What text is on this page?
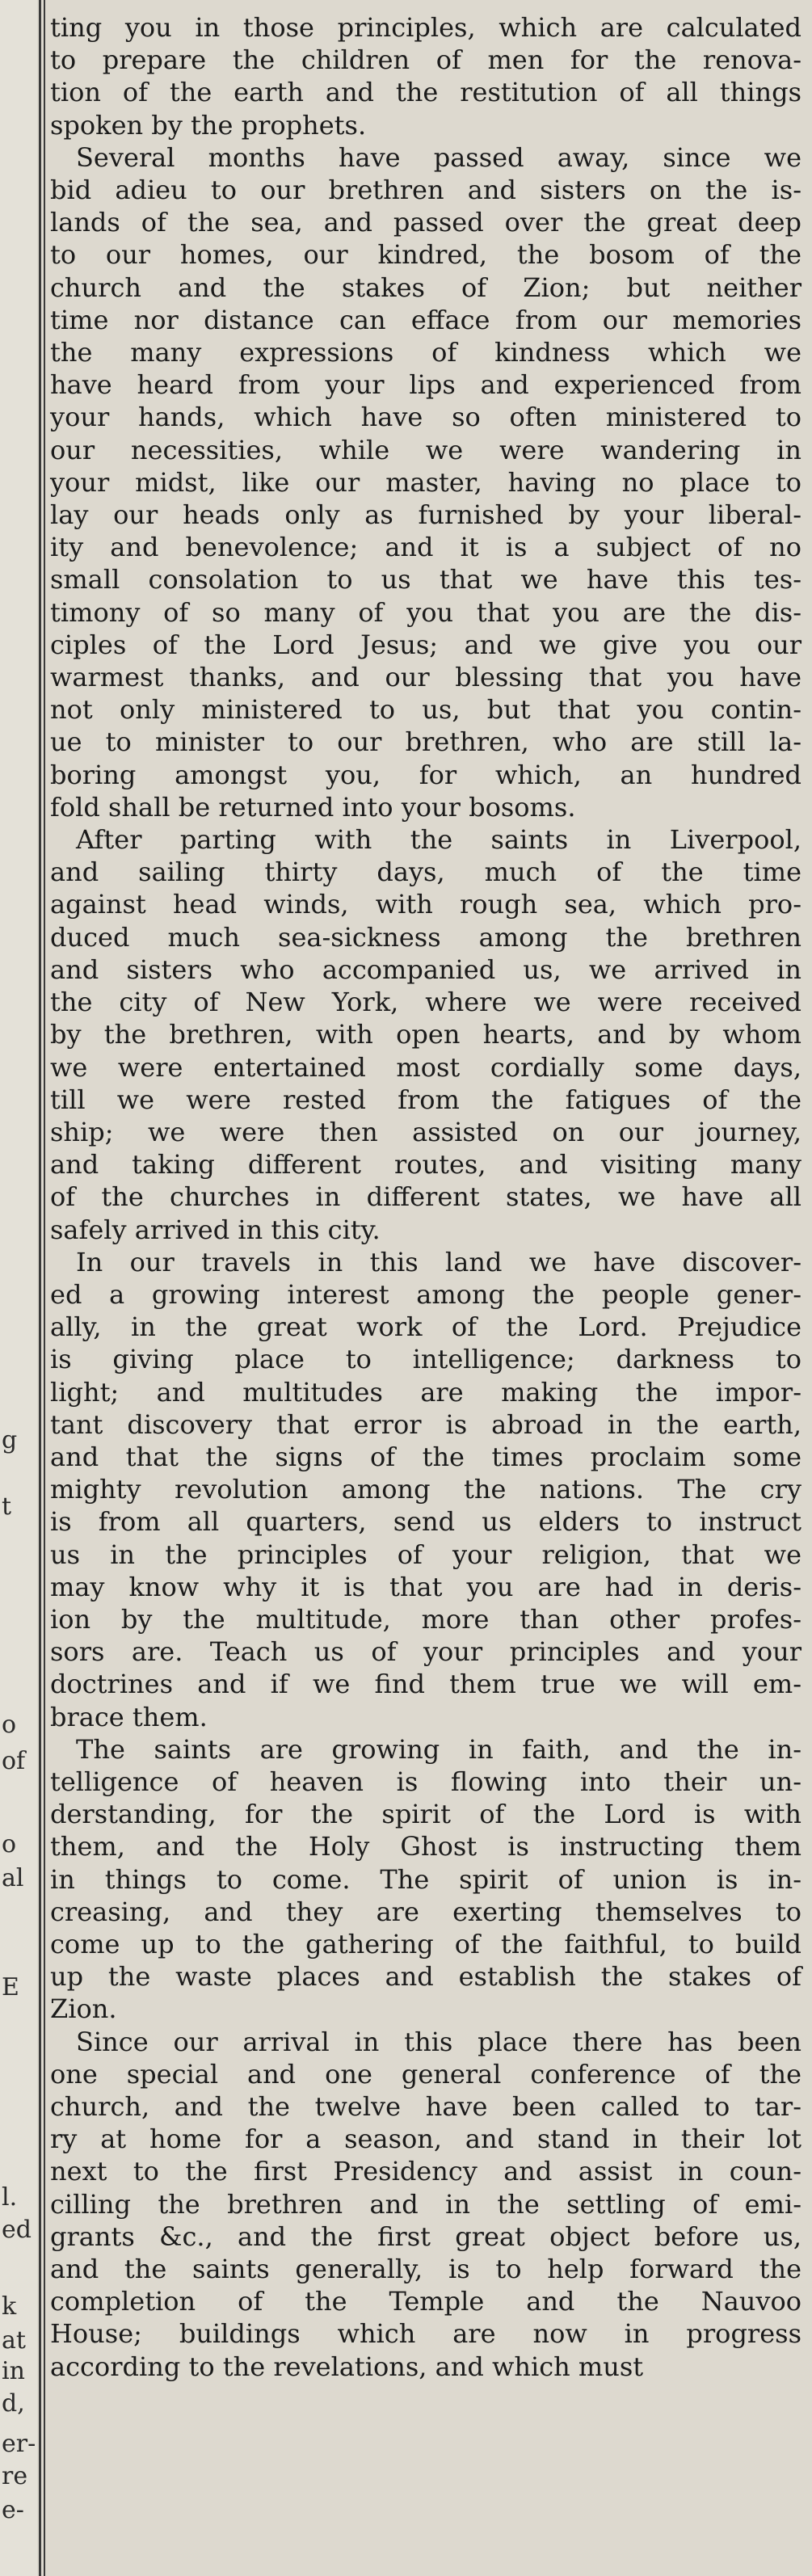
g
t
o
of
o
al
E
l.
ed
k
at
in
d,
er-
re
e-

ting you in those principles, which are calculated
to prepare the children of men for the renova-
tion of the earth and the restitution of all things
spoken by the prophets.

Several months have passed away, since we
bid adieu to our brethren and sisters on the is-
lands of the sea, and passed over the great deep
to our homes, our kindred, the bosom of the
church and the stakes of Zion; but neither
time nor distance can efface from our memories
the many expressions of kindness which we
have heard from your lips and experienced from
your hands, which have so often ministered to
our necessities, while we were wandering in
your midst, like our master, having no place to
lay our heads only as furnished by your liberal-
ity and benevolence; and it is a subject of no
small consolation to us that we have this tes-
timony of so many of you that you are the dis-
ciples of the Lord Jesus; and we give you our
warmest thanks, and our blessing that you have
not only ministered to us, but that you contin-
ue to minister to our brethren, who are still la-
boring amongst you, for which, an hundred
fold shall be returned into your bosoms.

After parting with the saints in Liverpool,
and sailing thirty days, much of the time
against head winds, with rough sea, which pro-
duced much sea-sickness among the brethren
and sisters who accompanied us, we arrived in
the city of New York, where we were received
by the brethren, with open hearts, and by whom
we were entertained most cordially some days,
till we were rested from the fatigues of the
ship; we were then assisted on our journey,
and taking different routes, and visiting many
of the churches in different states, we have all
safely arrived in this city.

In our travels in this land we have discover-
ed a growing interest among the people gener-
ally, in the great work of the Lord. Prejudice
is giving place to intelligence; darkness to
light; and multitudes are making the impor-
tant discovery that error is abroad in the earth,
and that the signs of the times proclaim some
mighty revolution among the nations. The cry
is from all quarters, send us elders to instruct
us in the principles of your religion, that we
may know why it is that you are had in deris-
ion by the multitude, more than other profes-
sors are. Teach us of your principles and your
doctrines and if we find them true we will em-
brace them.

The saints are growing in faith, and the in-
telligence of heaven is flowing into their un-
derstanding, for the spirit of the Lord is with
them, and the Holy Ghost is instructing them
in things to come. The spirit of union is in-
creasing, and they are exerting themselves to
come up to the gathering of the faithful, to build
up the waste places and establish the stakes of
Zion.

Since our arrival in this place there has been
one special and one general conference of the
church, and the twelve have been called to tar-
ry at home for a season, and stand in their lot
next to the first Presidency and assist in coun-
cilling the brethren and in the settling of emi-
grants &c., and the first great object before us,
and the saints generally, is to help forward the
completion of the Temple and the Nauvoo
House; buildings which are now in progress
according to the revelations, and which must
